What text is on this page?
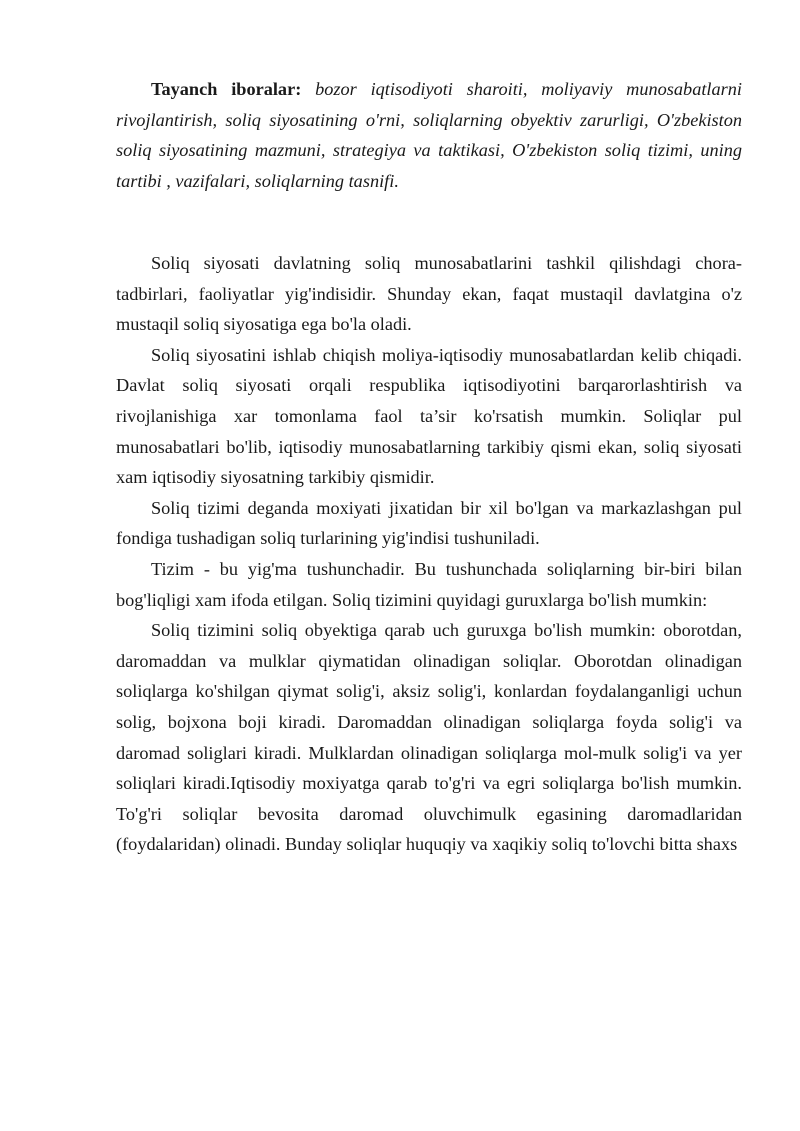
Tayanch iboralar: bozor iqtisodiyoti sharoiti, moliyaviy munosabatlarni rivojlantirish, soliq siyosatining o'rni, soliqlarning obyektiv zarurligi, O'zbekiston soliq siyosatining mazmuni, strategiya va taktikasi, O'zbekiston soliq tizimi, uning tartibi , vazifalari, soliqlarning tasnifi.

Soliq siyosati davlatning soliq munosabatlarini tashkil qilishdagi chora-tadbirlari, faoliyatlar yig'indisidir. Shunday ekan, faqat mustaqil davlatgina o'z mustaqil soliq siyosatiga ega bo'la oladi.

Soliq siyosatini ishlab chiqish moliya-iqtisodiy munosabatlardan kelib chiqadi. Davlat soliq siyosati orqali respublika iqtisodiyotini barqarorlashtirish va rivojlanishiga xar tomonlama faol ta’sir ko'rsatish mumkin. Soliqlar pul munosabatlari bo'lib, iqtisodiy munosabatlarning tarkibiy qismi ekan, soliq siyosati xam iqtisodiy siyosatning tarkibiy qismidir.

Soliq tizimi deganda moxiyati jixatidan bir xil bo'lgan va markazlashgan pul fondiga tushadigan soliq turlarining yig'indisi tushuniladi.

Tizim - bu yig'ma tushunchadir. Bu tushunchada soliqlarning bir-biri bilan bog'liqligi xam ifoda etilgan. Soliq tizimini quyidagi guruxlarga bo'lish mumkin:

Soliq tizimini soliq obyektiga qarab uch guruxga bo'lish mumkin: oborotdan, daromaddan va mulklar qiymatidan olinadigan soliqlar. Oborotdan olinadigan soliqlarga ko'shilgan qiymat solig'i, aksiz solig'i, konlardan foydalanganligi uchun solig, bojxona boji kiradi. Daromaddan olinadigan soliqlarga foyda solig'i va daromad soliglari kiradi. Mulklardan olinadigan soliqlarga mol-mulk solig'i va yer soliqlari kiradi.Iqtisodiy moxiyatga qarab to'g'ri va egri soliqlarga bo'lish mumkin. To'g'ri soliqlar bevosita daromad oluvchimulk egasining daromadlaridan (foydalaridan) olinadi. Bunday soliqlar huquqiy va xaqikiy soliq to'lovchi bitta shaxs
